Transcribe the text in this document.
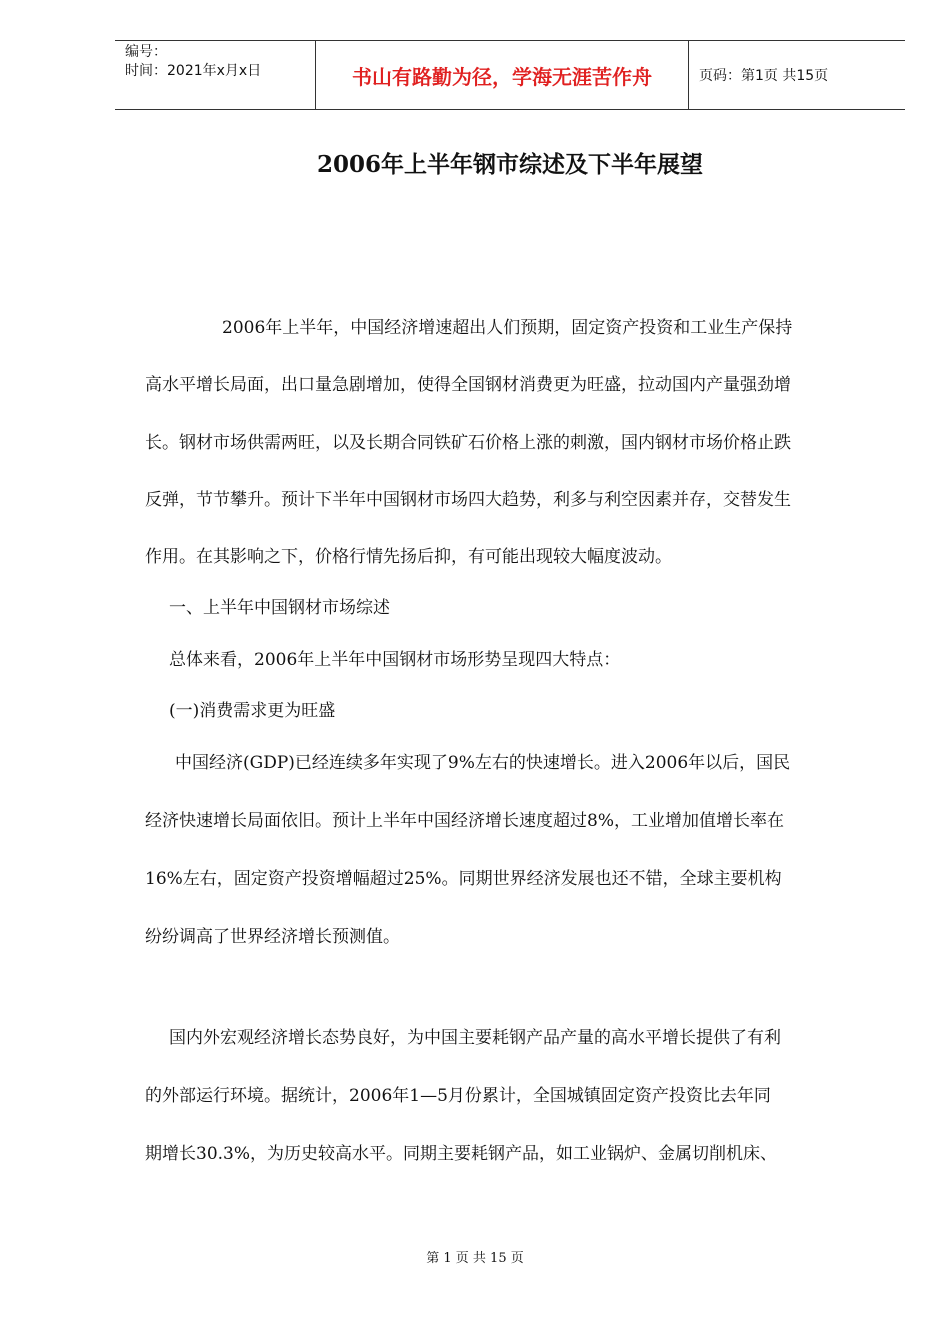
编号：
时间：2021年x月x日	书山有路勤为径，学海无涯苦作舟	页码：第1页 共15页
2006年上半年钢市综述及下半年展望
2006年上半年，中国经济增速超出人们预期，固定资产投资和工业生产保持
高水平增长局面，出口量急剧增加，使得全国钢材消费更为旺盛，拉动国内产量强劲增
长。钢材市场供需两旺，以及长期合同铁矿石价格上涨的刺激，国内钢材市场价格止跌
反弹，节节攀升。预计下半年中国钢材市场四大趋势，利多与利空因素并存，交替发生
作用。在其影响之下，价格行情先扬后抑，有可能出现较大幅度波动。
一、上半年中国钢材市场综述
总体来看，2006年上半年中国钢材市场形势呈现四大特点：
(一)消费需求更为旺盛
中国经济(GDP)已经连续多年实现了9%左右的快速增长。进入2006年以后，国民
经济快速增长局面依旧。预计上半年中国经济增长速度超过8%，工业增加值增长率在
16%左右，固定资产投资增幅超过25%。同期世界经济发展也还不错，全球主要机构
纷纷调高了世界经济增长预测值。
国内外宏观经济增长态势良好，为中国主要耗钢产品产量的高水平增长提供了有利
的外部运行环境。据统计，2006年1—5月份累计，全国城镇固定资产投资比去年同
期增长30.3%，为历史较高水平。同期主要耗钢产品，如工业锅炉、金属切削机床、
第 1 页 共 15 页
